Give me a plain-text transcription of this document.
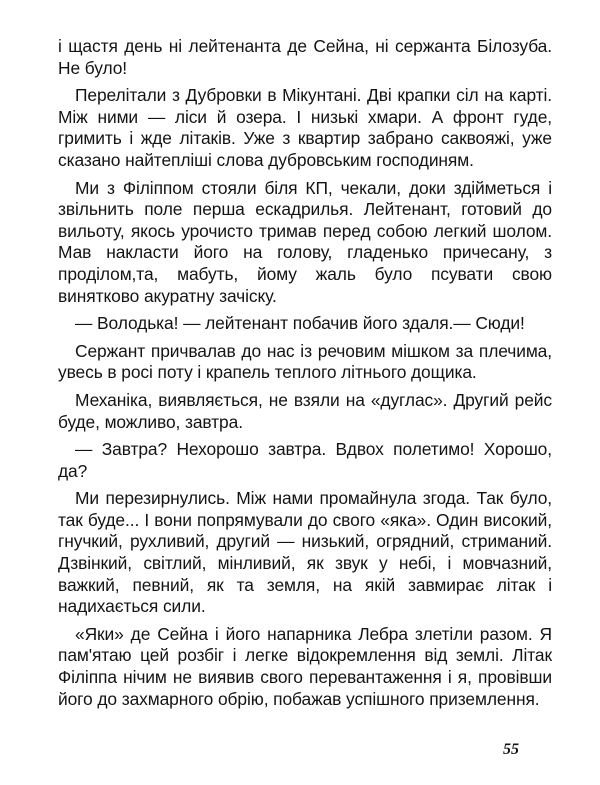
і щастя день ні лейтенанта де Сейна, ні сержанта Білозуба. Не було!

Перелітали з Дубровки в Мікунтані. Дві крапки сіл на карті. Між ними — ліси й озера. І низькі хмари. А фронт гуде, гримить і жде літаків. Уже з квартир забрано саквояжі, уже сказано найтепліші слова дубровським господиням.

Ми з Філіппом стояли біля КП, чекали, доки здійметься і звільнить поле перша ескадрилья. Лейтенант, готовий до вильоту, якось урочисто тримав перед собою легкий шолом. Мав накласти його на голову, гладенько причесану, з проділом,та, мабуть, йому жаль було псувати свою винятково акуратну зачіску.

— Володька! — лейтенант побачив його здаля.— Сюди!

Сержант причвалав до нас із речовим мішком за плечима, увесь в росі поту і крапель теплого літнього дощика.

Механіка, виявляється, не взяли на «дуглас». Другий рейс буде, можливо, завтра.

— Завтра? Нехорошо завтра. Вдвох полетимо! Хорошо, да?

Ми перезирнулись. Між нами промайнула згода. Так було, так буде... І вони попрямували до свого «яка». Один високий, гнучкий, рухливий, другий — низький, огрядний, стриманий. Дзвінкий, світлий, мінливий, як звук у небі, і мовчазний, важкий, певний, як та земля, на якій завмирає літак і надихається сили.

«Яки» де Сейна і його напарника Лебра злетіли разом. Я пам'ятаю цей розбіг і легке відокремлення від землі. Літак Філіппа нічим не виявив свого перевантаження і я, провівши його до захмарного обрію, побажав успішного приземлення.

55
